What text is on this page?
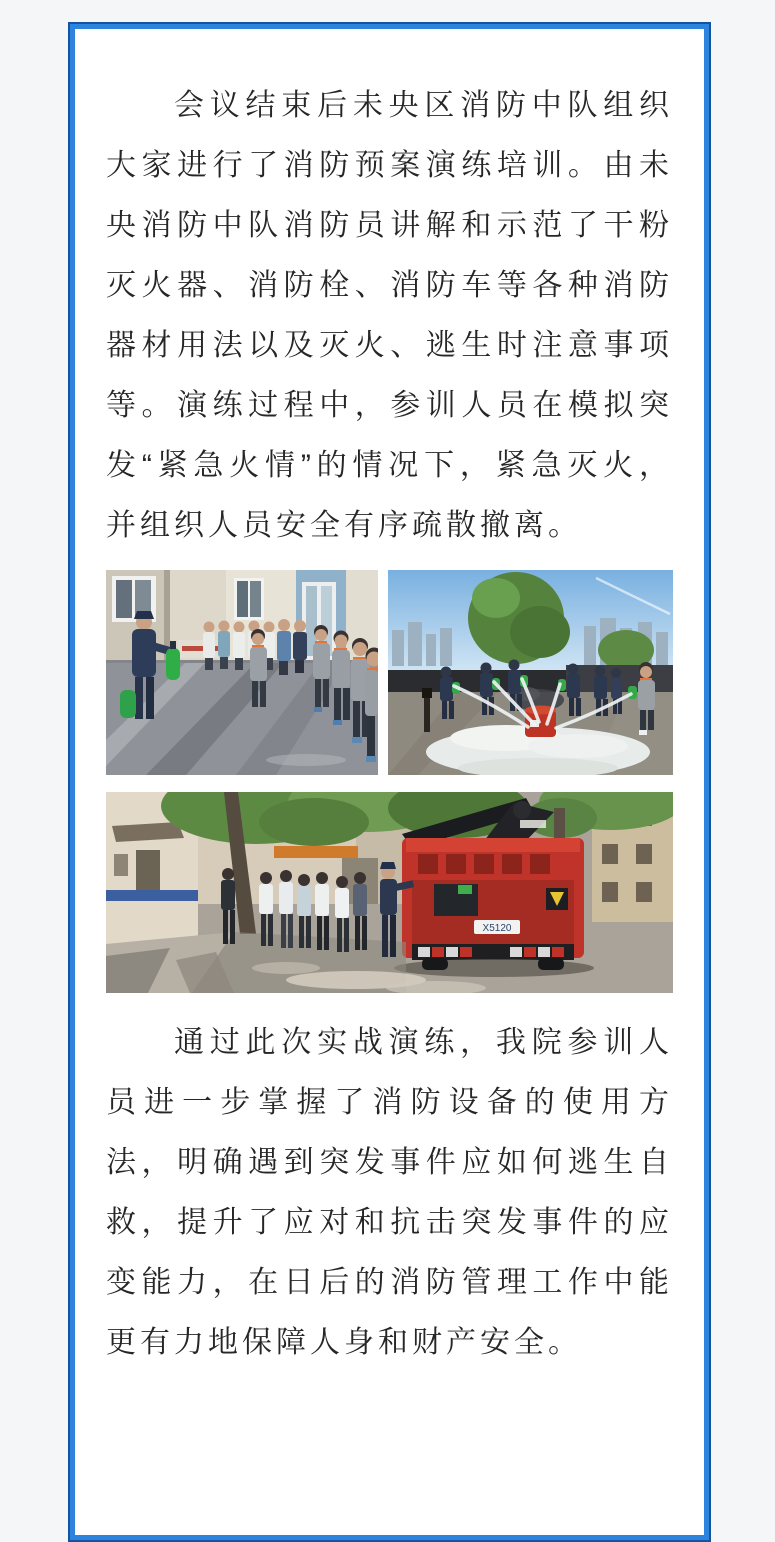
会议结束后未央区消防中队组织大家进行了消防预案演练培训。由未央消防中队消防员讲解和示范了干粉灭火器、消防栓、消防车等各种消防器材用法以及灭火、逃生时注意事项等。演练过程中，参训人员在模拟突发“紧急火情”的情况下，紧急灭火，并组织人员安全有序疏散撤离。

X5120

通过此次实战演练，我院参训人员进一步掌握了消防设备的使用方法，明确遇到突发事件应如何逃生自救，提升了应对和抗击突发事件的应变能力，在日后的消防管理工作中能更有力地保障人身和财产安全。
